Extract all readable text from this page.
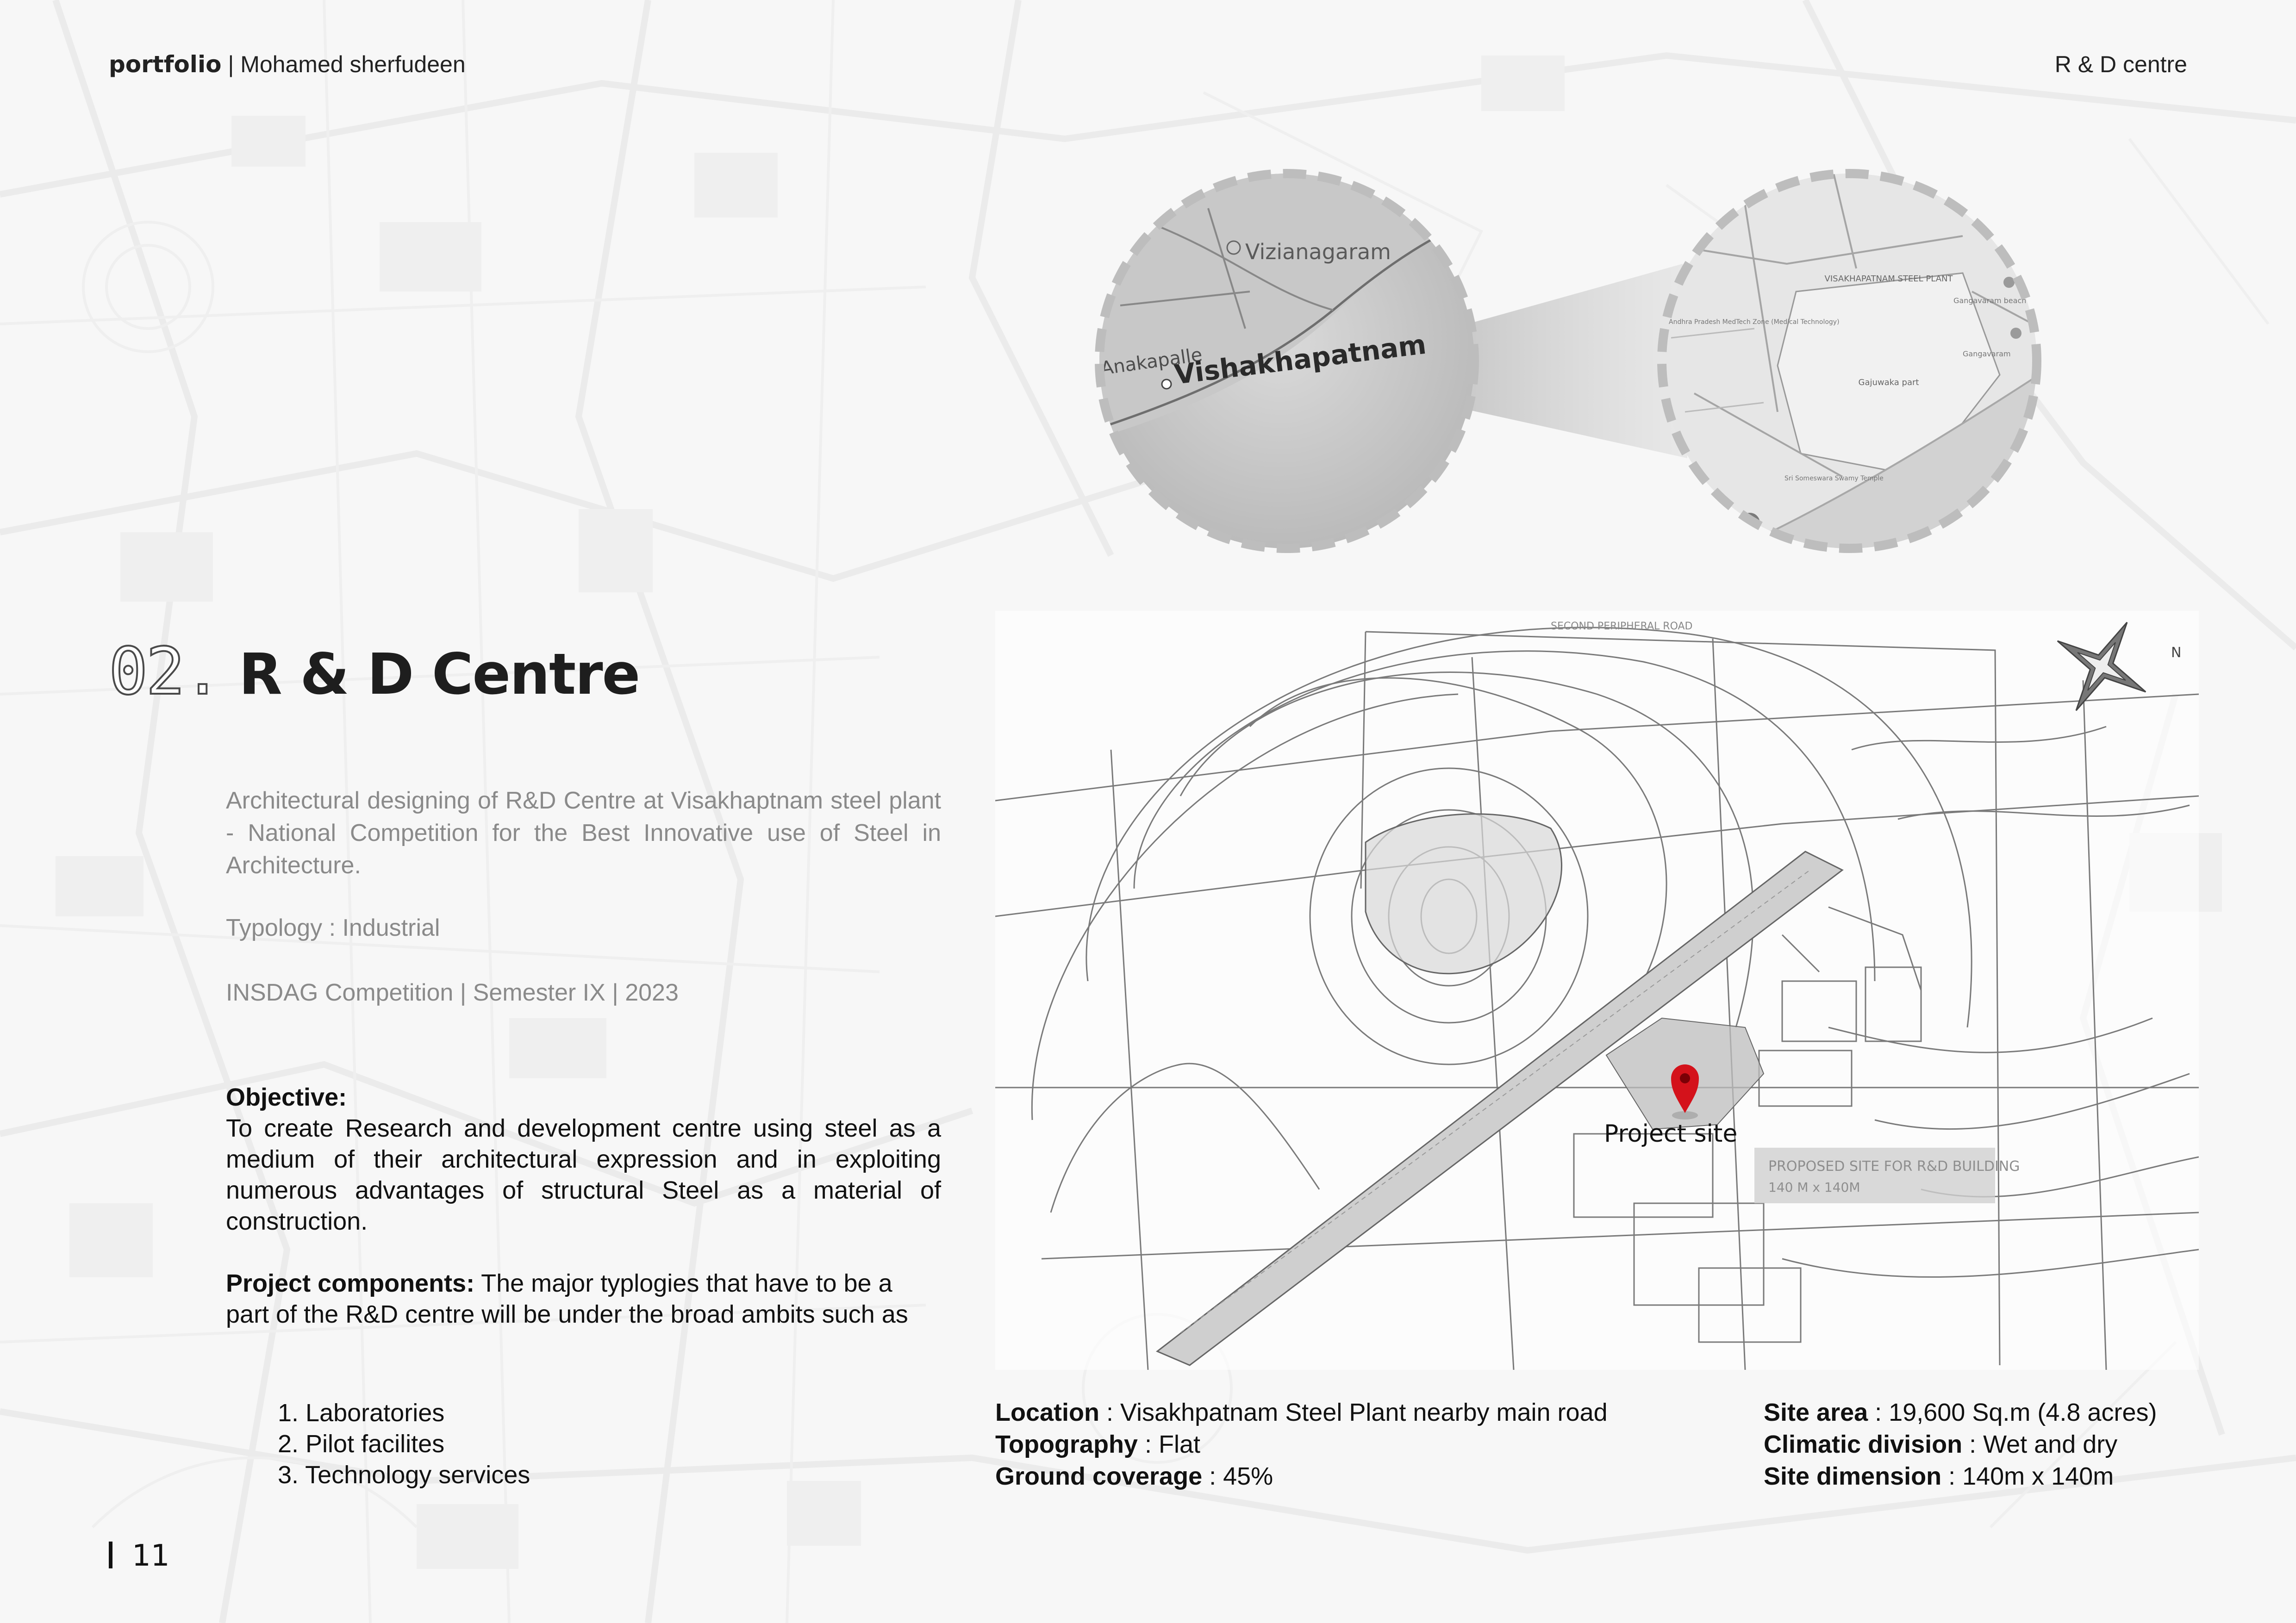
portfolio | Mohamed sherfudeen	R & D centre
Vizianagaram
Anakapalle
Vishakhapatnam
VISAKHAPATNAM STEEL PLANT
Gajuwaka part
Gangavaram beach
Gangavaram
Andhra Pradesh MedTech Zone (Medical Technology)
Sri Someswara Swamy Temple
02. R & D Centre
Architectural designing of R&D Centre at Visakhaptnam steel plant - National Competition for the Best Innovative use of Steel in Architecture.
Typology : Industrial
INSDAG Competition | Semester IX | 2023
Objective:
To create Research and development centre using steel as a medium of their architectural expression and in exploiting numerous advantages of structural Steel as a material of construction.
Project components: The major typlogies that have to be a part of the R&D centre will be under the broad ambits such as
1. Laboratories
2. Pilot facilites
3. Technology services
11
PROPOSED SITE FOR R&D BUILDING
140 M x 140M
SECOND PERIPHERAL ROAD
N
Project site
Location : Visakhpatnam Steel Plant nearby main road
Topography : Flat
Ground coverage : 45%
Site area : 19,600 Sq.m (4.8 acres)
Climatic division : Wet and dry
Site dimension : 140m x 140m
